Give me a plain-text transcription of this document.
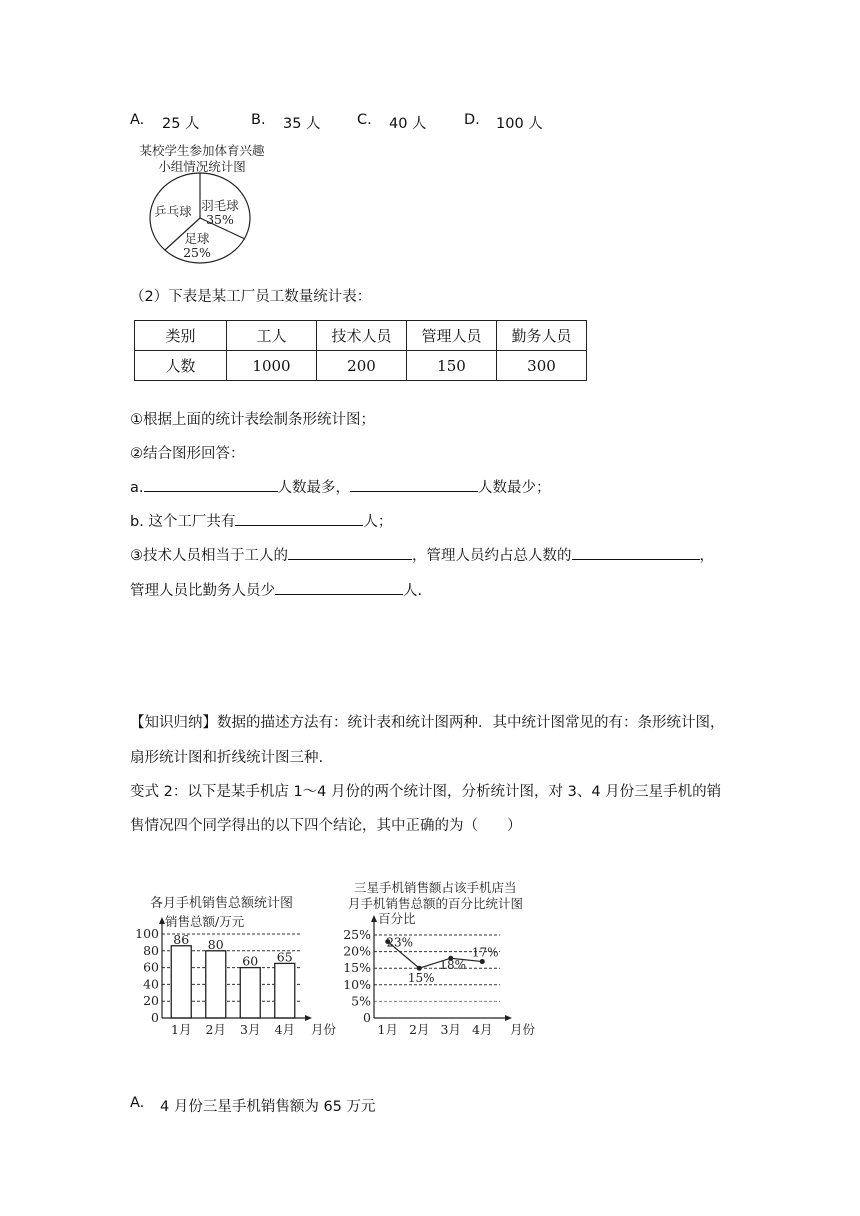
A. 25 人	B. 35 人	C. 40 人	D. 100 人
某校学生参加体育兴趣
小组情况统计图
乒乓球 羽毛球
35%
足球
25%
（2）下表是某工厂员工数量统计表：
类别	工人	技术人员	管理人员	勤务人员
人数	1000	200	150	300
①根据上面的统计表绘制条形统计图；
②结合图形回答：
a.	人数最多，	人数最少；
b. 这个工厂共有	人；
③技术人员相当于工人的	，管理人员约占总人数的	，
管理人员比勤务人员少	人.
【知识归纳】数据的描述方法有：统计表和统计图两种．其中统计图常见的有：条形统计图，
扇形统计图和折线统计图三种.
变式 2：以下是某手机店 1～4 月份的两个统计图，分析统计图，对 3、4 月份三星手机的销
售情况四个同学得出的以下四个结论，其中正确的为（　　）
各月手机销售总额统计图
销售总额/万元
月份
0
20
40
60
80
100 86
1月
80
2月
60
3月
65
4月
三星手机销售额占该手机店当
月手机销售总额的百分比统计图
百分比
月份
0
5%
10%
15%
20%
25%
23%
1月
15%
2月
18%
3月
17%
4月
A. 4 月份三星手机销售额为 65 万元
